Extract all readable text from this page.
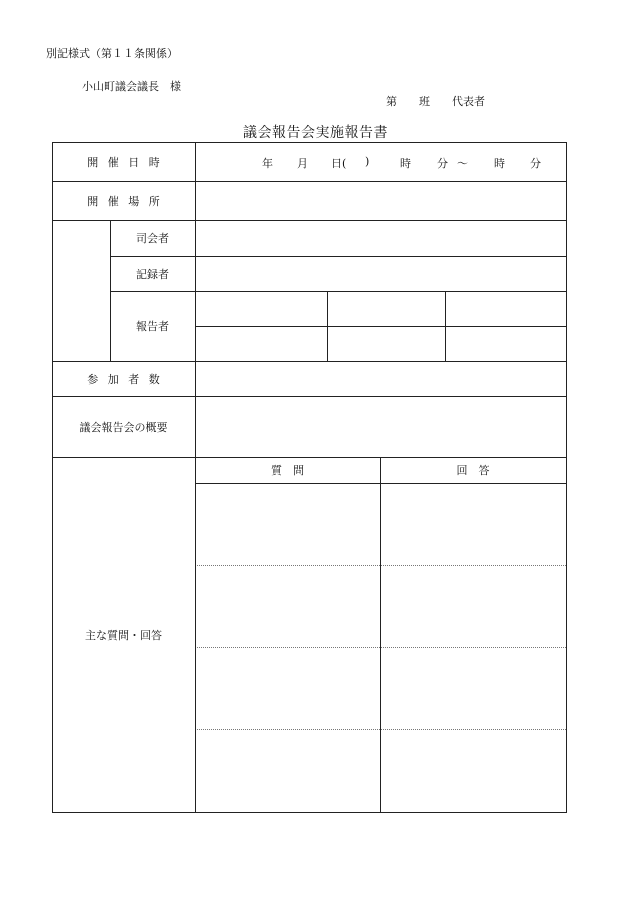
別記様式（第１１条関係）
小山町議会議長　様
第　　班　　代表者
議会報告会実施報告書
開 催 日 時
開 催 場 所
司会者
記録者
報告者
参 加 者 数
議会報告会の概要
主な質問・回答
質　問	回　答
年 月 日( )	時 分 ～ 時 分
